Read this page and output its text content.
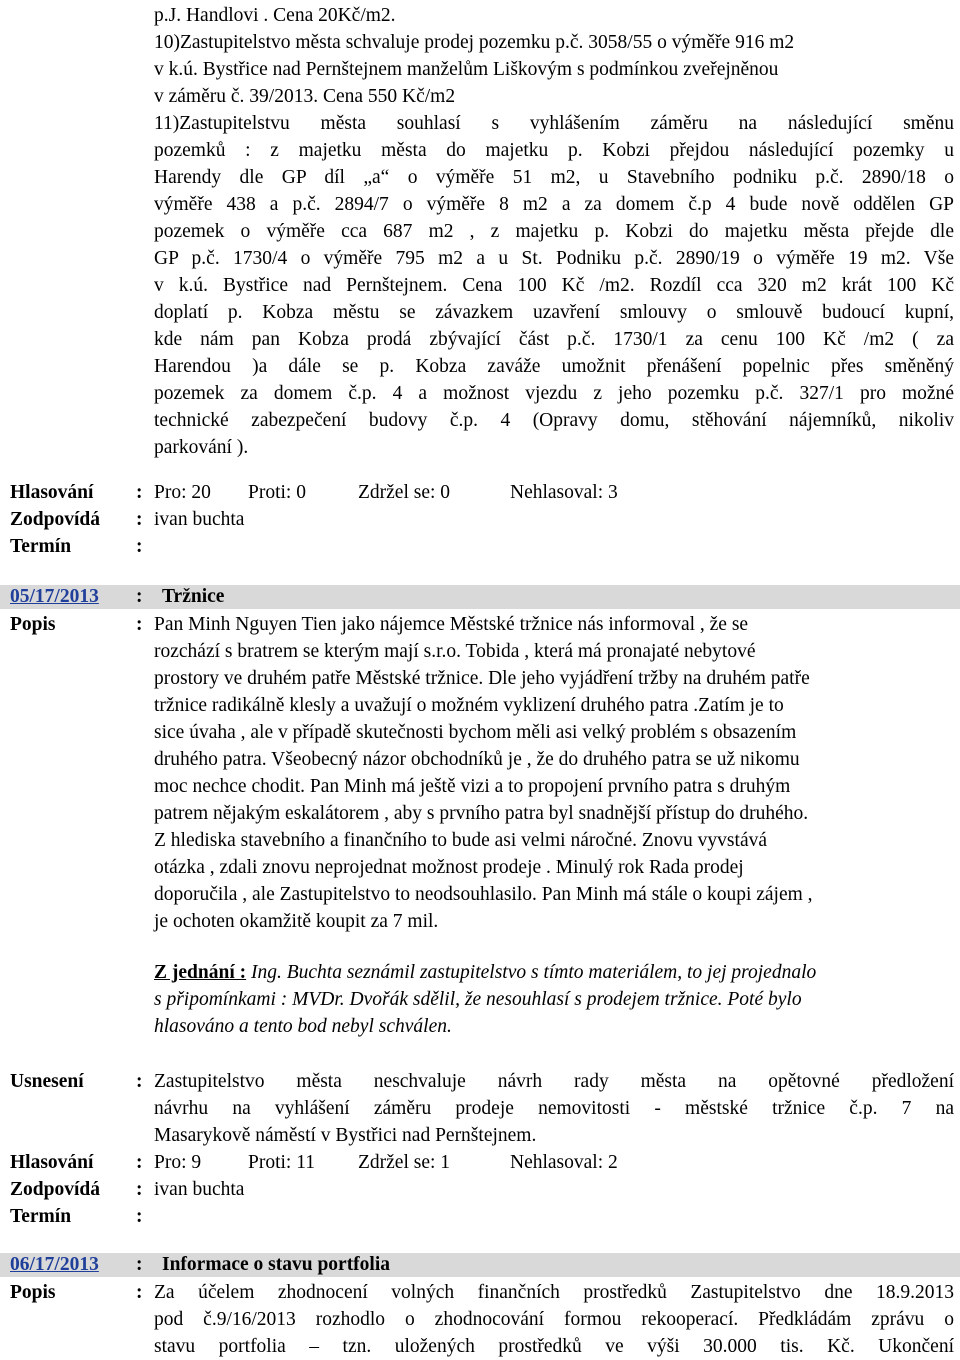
p.J. Handlovi . Cena 20Kč/m2.

10)Zastupitelstvo města schvaluje prodej pozemku p.č. 3058/55 o výměře 916 m2

v k.ú. Bystřice nad Pernštejnem manželům Liškovým s podmínkou zveřejněnou

v záměru č. 39/2013. Cena 550 Kč/m2

11)Zastupitelstvu města souhlasí s vyhlášením záměru na následující směnu

pozemků : z majetku města do majetku p. Kobzi přejdou následující pozemky u

Harendy dle GP díl „a“ o výměře 51 m2, u Stavebního podniku p.č. 2890/18 o

výměře 438 a p.č. 2894/7 o výměře 8 m2 a za domem č.p 4 bude nově oddělen GP

pozemek o výměře cca 687 m2 , z majetku p. Kobzi do majetku města přejde dle

GP p.č. 1730/4 o výměře 795 m2 a u St. Podniku p.č. 2890/19 o výměře 19 m2. Vše

v k.ú. Bystřice nad Pernštejnem. Cena 100 Kč /m2. Rozdíl cca 320 m2 krát 100 Kč

doplatí p. Kobza městu se závazkem uzavření smlouvy o smlouvě budoucí kupní,

kde nám pan Kobza prodá zbývající část p.č. 1730/1 za cenu 100 Kč /m2 ( za

Harendou )a dále se p. Kobza zaváže umožnit přenášení popelnic přes směněný

pozemek za domem č.p. 4 a možnost vjezdu z jeho pozemku p.č. 327/1 pro možné

technické zabezpečení budovy č.p. 4 (Opravy domu, stěhování nájemníků, nikoliv

parkování ).

Hlasování : Pro: 20 Proti: 0	Zdržel se: 0	Nehlasoval: 3
Zodpovídá : ivan buchta
Termín	:
05/17/2013 : Tržnice
Popis	: Pan Minh Nguyen Tien jako nájemce Městské tržnice nás informoval , že se

rozchází s bratrem se kterým mají s.r.o. Tobida , která má pronajaté nebytové

prostory ve druhém patře Městské tržnice. Dle jeho vyjádření tržby na druhém patře

tržnice radikálně klesly a uvažují o možném vyklizení druhého patra .Zatím je to

sice úvaha , ale v případě skutečnosti bychom měli asi velký problém s obsazením

druhého patra. Všeobecný názor obchodníků je , že do druhého patra se už nikomu

moc nechce chodit. Pan Minh má ještě vizi a to propojení prvního patra s druhým

patrem nějakým eskalátorem , aby s prvního patra byl snadnější přístup do druhého.

Z hlediska stavebního a finančního to bude asi velmi náročné. Znovu vyvstává

otázka , zdali znovu neprojednat možnost prodeje . Minulý rok Rada prodej

doporučila , ale Zastupitelstvo to neodsouhlasilo. Pan Minh má stále o koupi zájem ,

je ochoten okamžitě koupit za 7 mil.

Z jednání : Ing. Buchta seznámil zastupitelstvo s tímto materiálem, to jej projednalo

s připomínkami : MVDr. Dvořák sdělil, že nesouhlasí s prodejem tržnice. Poté bylo

hlasováno a tento bod nebyl schválen.

Usnesení	: Zastupitelstvo města neschvaluje návrh rady města na opětovné předložení

návrhu na vyhlášení záměru prodeje nemovitosti - městské tržnice č.p. 7 na

Masarykově náměstí v Bystřici nad Pernštejnem.

Hlasování : Pro: 9 Proti: 11 Zdržel se: 1	Nehlasoval: 2
Zodpovídá : ivan buchta
Termín	:
06/17/2013 : Informace o stavu portfolia
Popis	: Za účelem zhodnocení volných finančních prostředků Zastupitelstvo dne 18.9.2013

pod č.9/16/2013 rozhodlo o zhodnocování formou rekooperací. Předkládám zprávu o

stavu portfolia – tzn. uložených prostředků ve výši 30.000 tis. Kč. Ukončení
